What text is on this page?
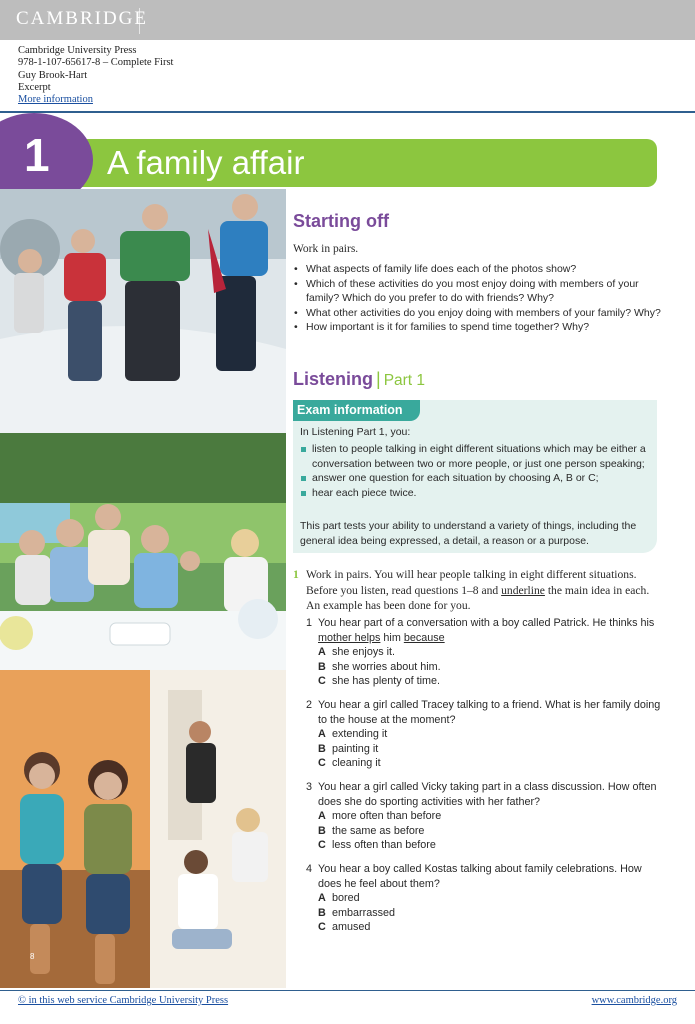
CAMBRIDGE
Cambridge University Press
978-1-107-65617-8 – Complete First
Guy Brook-Hart
Excerpt
More information
1 A family affair
8
Starting off
Work in pairs.
• What aspects of family life does each of the photos show?
• Which of these activities do you most enjoy doing with members of your family? Which do you prefer to do with friends? Why?
• What other activities do you enjoy doing with members of your family? Why?
• How important is it for families to spend time together? Why?
Listening | Part 1
Exam information
In Listening Part 1, you:
listen to people talking in eight different situations which may be either a conversation between two or more people, or just one person speaking;
answer one question for each situation by choosing A, B or C;
hear each piece twice.
This part tests your ability to understand a variety of things, including the general idea being expressed, a detail, a reason or a purpose.
1 Work in pairs. You will hear people talking in eight different situations. Before you listen, read questions 1–8 and underline the main idea in each. An example has been done for you.
1 You hear part of a conversation with a boy called Patrick. He thinks his mother helps him because
A she enjoys it.
B she worries about him.
C she has plenty of time.
2 You hear a girl called Tracey talking to a friend. What is her family doing to the house at the moment?
A extending it
B painting it
C cleaning it
3 You hear a girl called Vicky taking part in a class discussion. How often does she do sporting activities with her father?
A more often than before
B the same as before
C less often than before
4 You hear a boy called Kostas talking about family celebrations. How does he feel about them?
A bored
B embarrassed
C amused
© in this web service Cambridge University Press	www.cambridge.org
